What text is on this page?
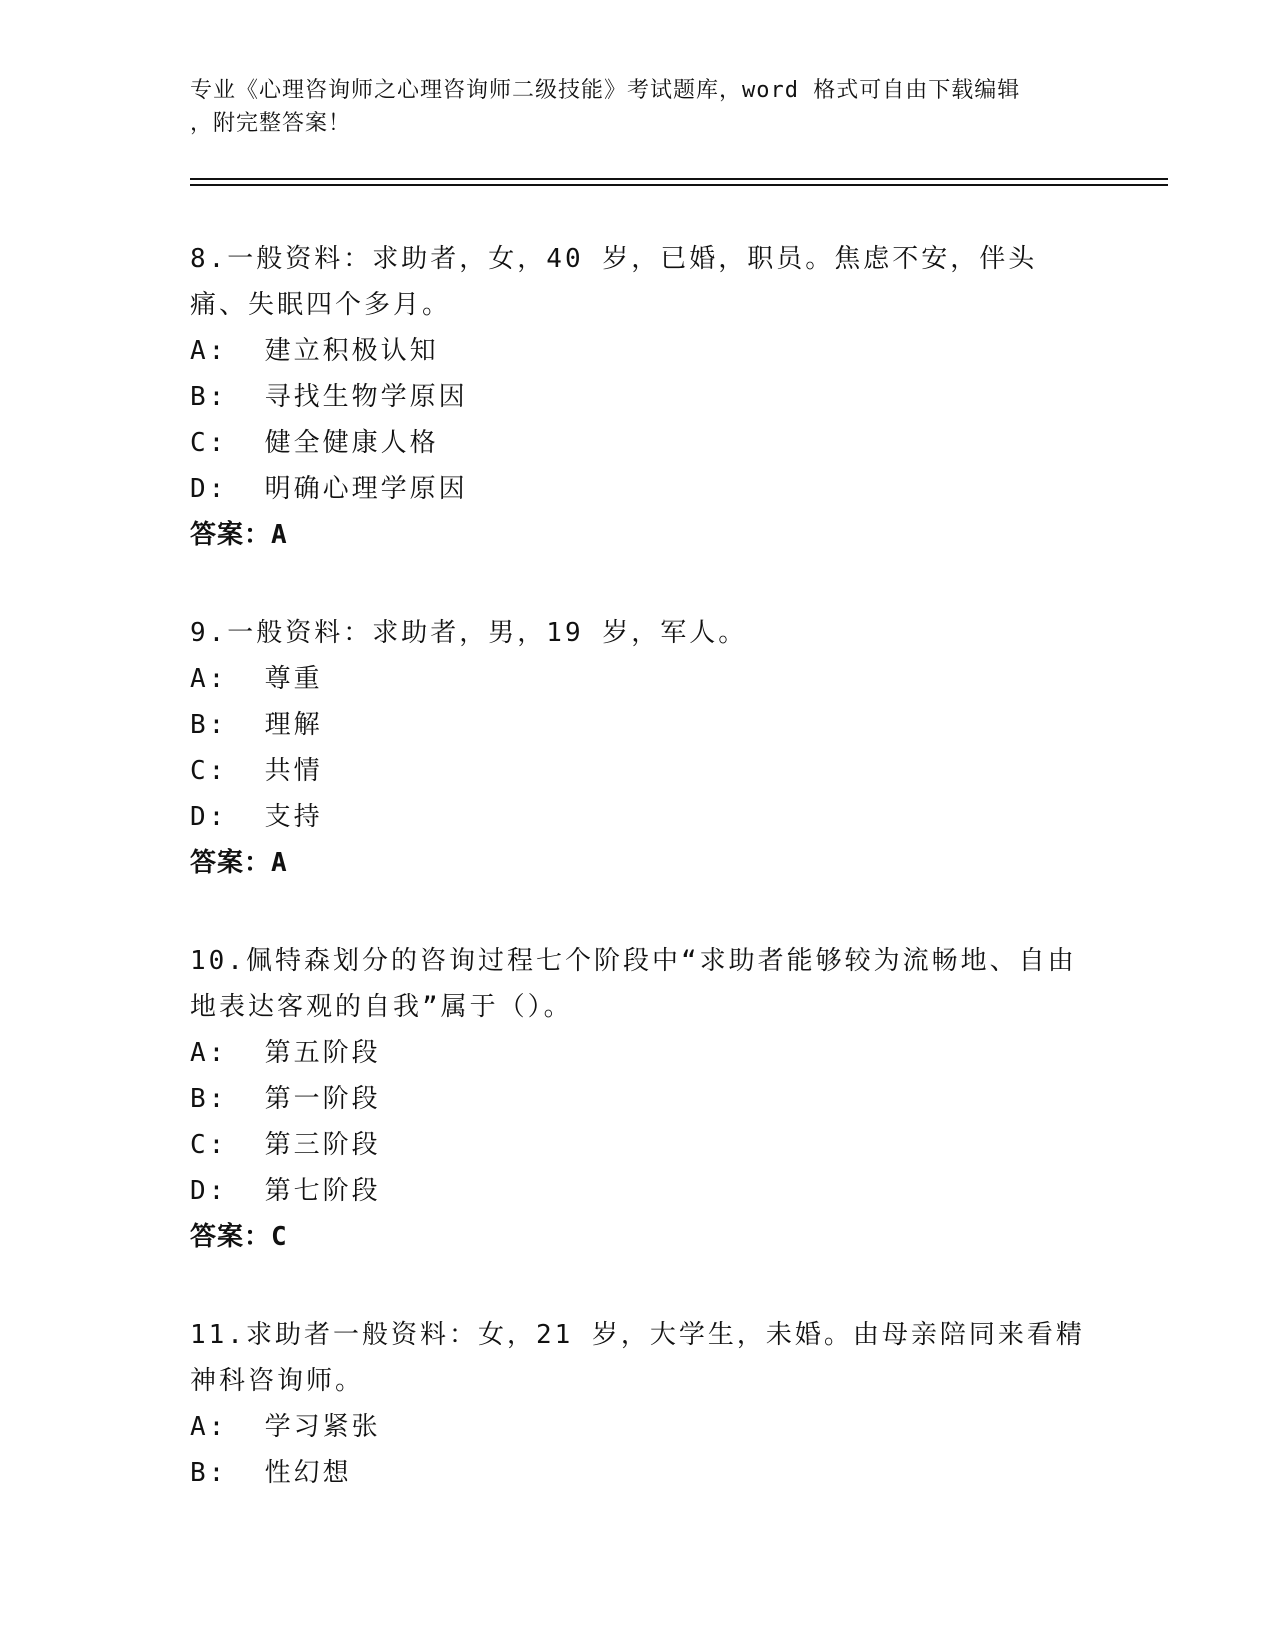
专业《心理咨询师之心理咨询师二级技能》考试题库，word 格式可自由下载编辑
，附完整答案！

8.一般资料：求助者，女，40 岁，已婚，职员。焦虑不安，伴头痛、失眠四个多月。

A:  建立积极认知

B:  寻找生物学原因

C:  健全健康人格

D:  明确心理学原因

答案：A

9.一般资料：求助者，男，19 岁，军人。

A:  尊重

B:  理解

C:  共情

D:  支持

答案：A

10.佩特森划分的咨询过程七个阶段中“求助者能够较为流畅地、自由地表达客观的自我”属于（）。

A:  第五阶段

B:  第一阶段

C:  第三阶段

D:  第七阶段

答案：C

11.求助者一般资料：女，21 岁，大学生，未婚。由母亲陪同来看精神科咨询师。

A:  学习紧张

B:  性幻想
